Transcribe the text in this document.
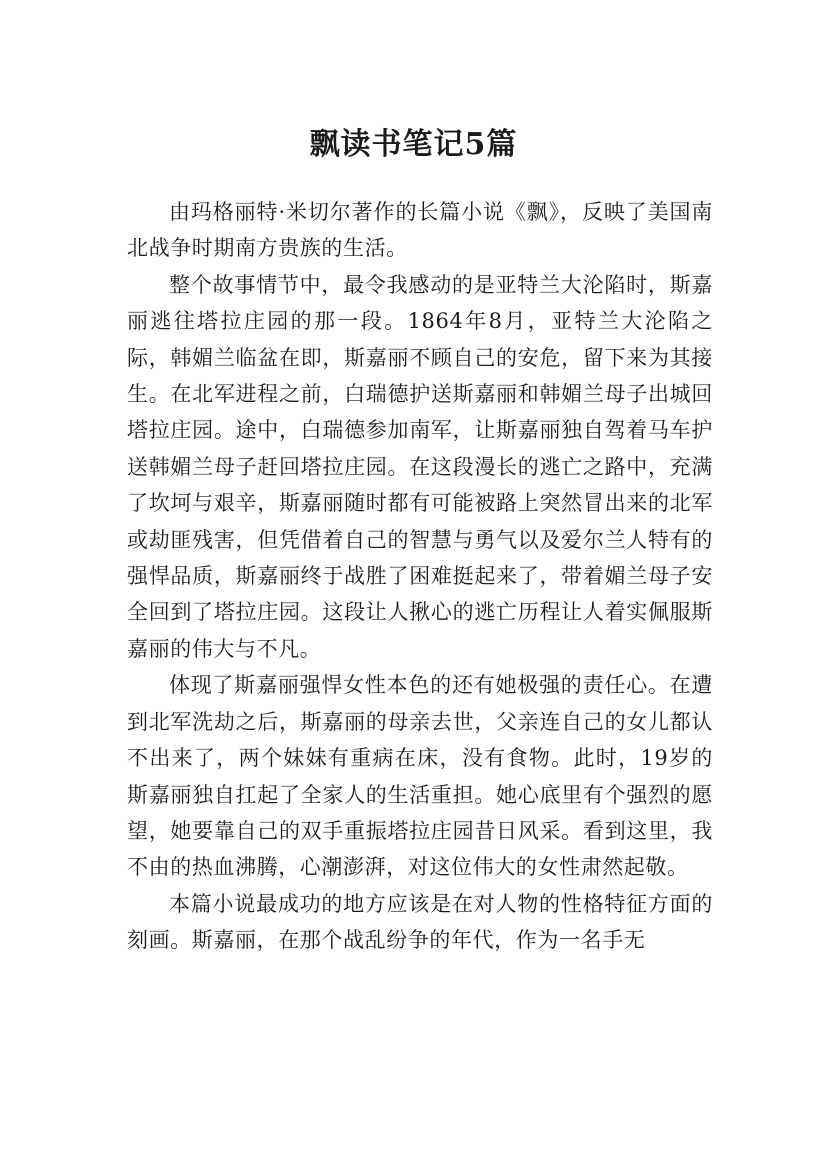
飘读书笔记5篇

由玛格丽特·米切尔著作的长篇小说《飘》，反映了美国南北战争时期南方贵族的生活。

整个故事情节中，最令我感动的是亚特兰大沦陷时，斯嘉丽逃往塔拉庄园的那一段。1864年8月，亚特兰大沦陷之际，韩媚兰临盆在即，斯嘉丽不顾自己的安危，留下来为其接生。在北军进程之前，白瑞德护送斯嘉丽和韩媚兰母子出城回塔拉庄园。途中，白瑞德参加南军，让斯嘉丽独自驾着马车护送韩媚兰母子赶回塔拉庄园。在这段漫长的逃亡之路中，充满了坎坷与艰辛，斯嘉丽随时都有可能被路上突然冒出来的北军或劫匪残害，但凭借着自己的智慧与勇气以及爱尔兰人特有的强悍品质，斯嘉丽终于战胜了困难挺起来了，带着媚兰母子安全回到了塔拉庄园。这段让人揪心的逃亡历程让人着实佩服斯嘉丽的伟大与不凡。

体现了斯嘉丽强悍女性本色的还有她极强的责任心。在遭到北军洗劫之后，斯嘉丽的母亲去世，父亲连自己的女儿都认不出来了，两个妹妹有重病在床，没有食物。此时，19岁的斯嘉丽独自扛起了全家人的生活重担。她心底里有个强烈的愿望，她要靠自己的双手重振塔拉庄园昔日风采。看到这里，我不由的热血沸腾，心潮澎湃，对这位伟大的女性肃然起敬。

本篇小说最成功的地方应该是在对人物的性格特征方面的刻画。斯嘉丽，在那个战乱纷争的年代，作为一名手无
